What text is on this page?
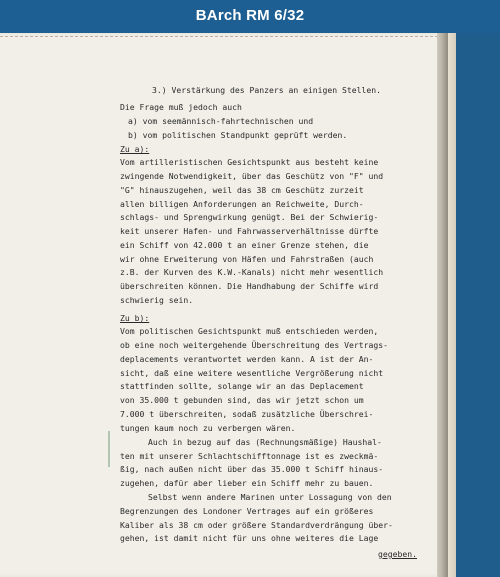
BArch RM 6/32
3.) Verstärkung des Panzers an einigen Stellen.
Die Frage muß jedoch auch
a) vom seemännisch-fahrtechnischen und
b) vom politischen Standpunkt geprüft werden.
Zu a):
Vom artilleristischen Gesichtspunkt aus besteht keine
zwingende Notwendigkeit, über das Geschütz von "F" und
"G" hinauszugehen, weil das 38 cm Geschütz zurzeit
allen billigen Anforderungen an Reichweite, Durch-
schlags- und Sprengwirkung genügt. Bei der Schwierig-
keit unserer Hafen- und Fahrwasserverhältnisse dürfte
ein Schiff von 42.000 t an einer Grenze stehen, die
wir ohne Erweiterung von Häfen und Fahrstraßen (auch
z.B. der Kurven des K.W.-Kanals) nicht mehr wesentlich
überschreiten können. Die Handhabung der Schiffe wird
schwierig sein.
Zu b):
Vom politischen Gesichtspunkt muß entschieden werden,
ob eine noch weitergehende Überschreitung des Vertrags-
deplacements verantwortet werden kann. A ist der An-
sicht, daß eine weitere wesentliche Vergrößerung nicht
stattfinden sollte, solange wir an das Deplacement
von 35.000 t gebunden sind, das wir jetzt schon um
7.000 t überschreiten, sodaß zusätzliche Überschrei-
tungen kaum noch zu verbergen wären.
Auch in bezug auf das (Rechnungsmäßige) Haushal-
ten mit unserer Schlachtschifftonnage ist es zweckmä-
ßig, nach außen nicht über das 35.000 t Schiff hinaus-
zugehen, dafür aber lieber ein Schiff mehr zu bauen.
Selbst wenn andere Marinen unter Lossagung von den
Begrenzungen des Londoner Vertrages auf ein größeres
Kaliber als 38 cm oder größere Standardverdrängung über-
gehen, ist damit nicht für uns ohne weiteres die Lage
gegeben.
